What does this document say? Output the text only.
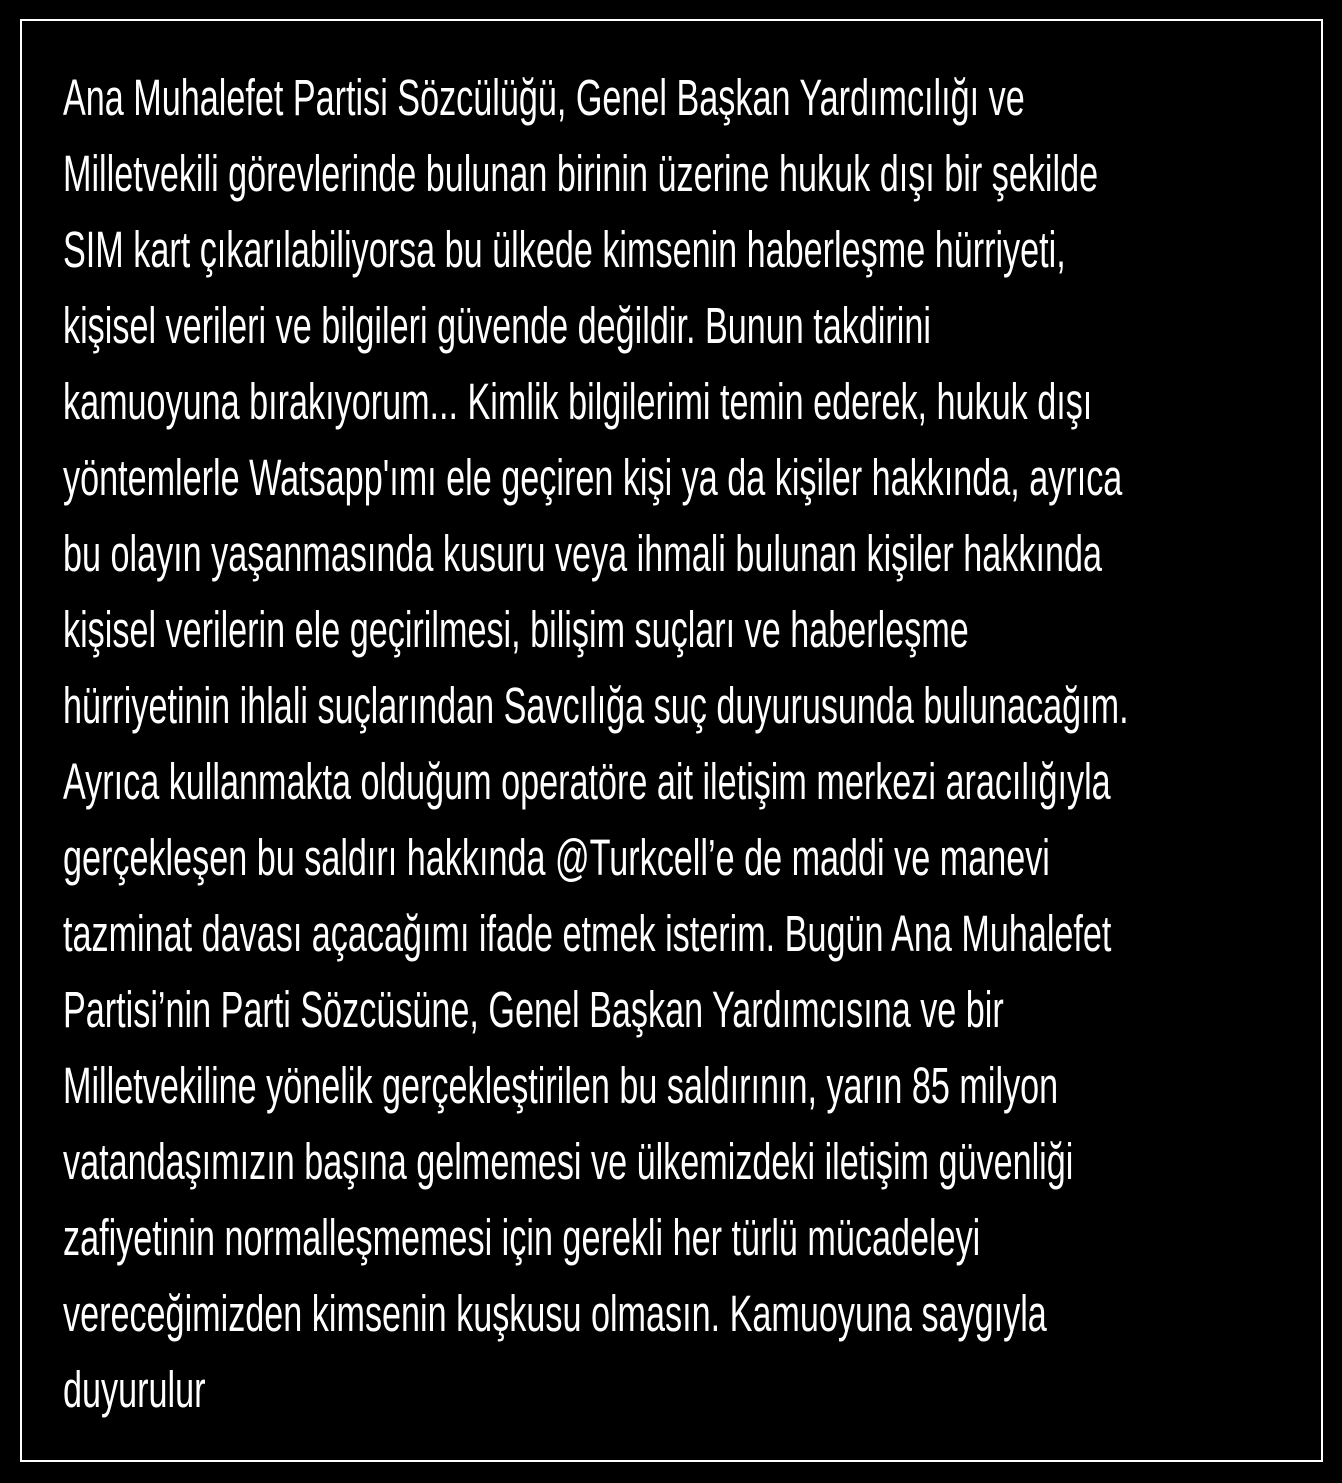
Ana Muhalefet Partisi Sözcülüğü, Genel Başkan Yardımcılığı ve
Milletvekili görevlerinde bulunan birinin üzerine hukuk dışı bir şekilde
SIM kart çıkarılabiliyorsa bu ülkede kimsenin haberleşme hürriyeti,
kişisel verileri ve bilgileri güvende değildir. Bunun takdirini
kamuoyuna bırakıyorum... Kimlik bilgilerimi temin ederek, hukuk dışı
yöntemlerle Watsapp'ımı ele geçiren kişi ya da kişiler hakkında, ayrıca
bu olayın yaşanmasında kusuru veya ihmali bulunan kişiler hakkında
kişisel verilerin ele geçirilmesi, bilişim suçları ve haberleşme
hürriyetinin ihlali suçlarından Savcılığa suç duyurusunda bulunacağım.
Ayrıca kullanmakta olduğum operatöre ait iletişim merkezi aracılığıyla
gerçekleşen bu saldırı hakkında @Turkcell’e de maddi ve manevi
tazminat davası açacağımı ifade etmek isterim. Bugün Ana Muhalefet
Partisi’nin Parti Sözcüsüne, Genel Başkan Yardımcısına ve bir
Milletvekiline yönelik gerçekleştirilen bu saldırının, yarın 85 milyon
vatandaşımızın başına gelmemesi ve ülkemizdeki iletişim güvenliği
zafiyetinin normalleşmemesi için gerekli her türlü mücadeleyi
vereceğimizden kimsenin kuşkusu olmasın. Kamuoyuna saygıyla
duyurulur
